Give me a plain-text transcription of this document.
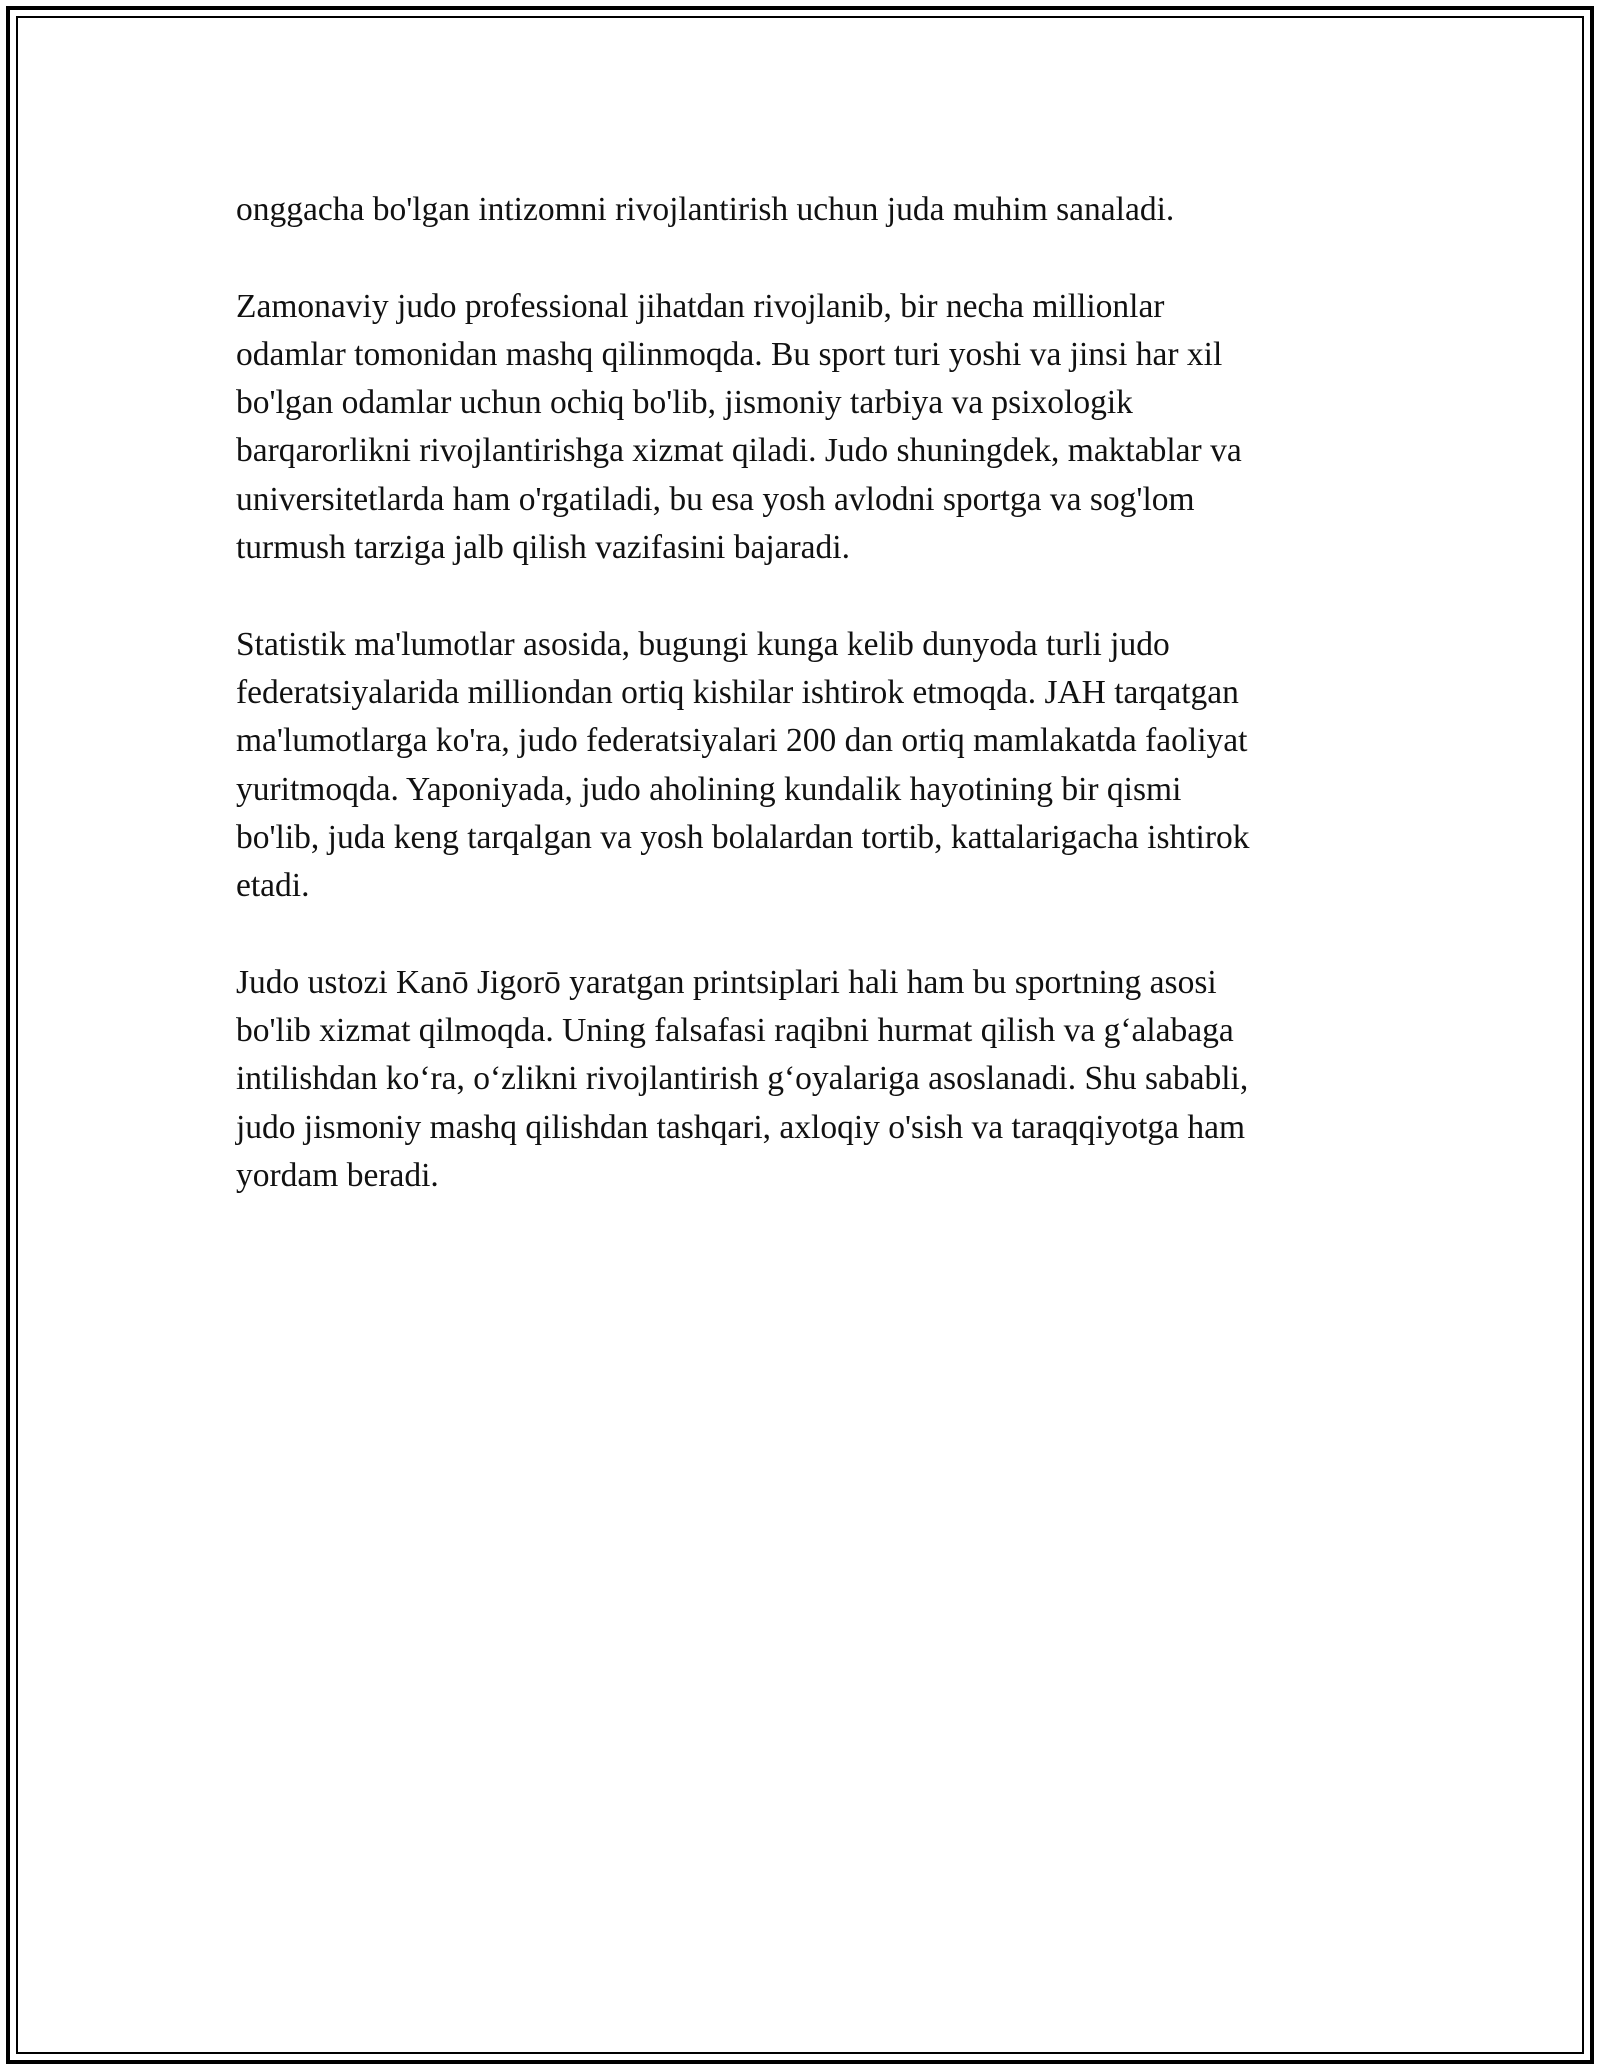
onggacha bo'lgan intizomni rivojlantirish uchun juda muhim sanaladi.

Zamonaviy judo professional jihatdan rivojlanib, bir necha millionlar
odamlar tomonidan mashq qilinmoqda. Bu sport turi yoshi va jinsi har xil
bo'lgan odamlar uchun ochiq bo'lib, jismoniy tarbiya va psixologik
barqarorlikni rivojlantirishga xizmat qiladi. Judo shuningdek, maktablar va
universitetlarda ham o'rgatiladi, bu esa yosh avlodni sportga va sog'lom
turmush tarziga jalb qilish vazifasini bajaradi.

Statistik ma'lumotlar asosida, bugungi kunga kelib dunyoda turli judo
federatsiyalarida milliondan ortiq kishilar ishtirok etmoqda. JAH tarqatgan
ma'lumotlarga ko'ra, judo federatsiyalari 200 dan ortiq mamlakatda faoliyat
yuritmoqda. Yaponiyada, judo aholining kundalik hayotining bir qismi
bo'lib, juda keng tarqalgan va yosh bolalardan tortib, kattalarigacha ishtirok
etadi.

Judo ustozi Kanō Jigorō yaratgan printsiplari hali ham bu sportning asosi
bo'lib xizmat qilmoqda. Uning falsafasi raqibni hurmat qilish va gʻalabaga
intilishdan koʻra, oʻzlikni rivojlantirish gʻoyalariga asoslanadi. Shu sababli,
judo jismoniy mashq qilishdan tashqari, axloqiy o'sish va taraqqiyotga ham
yordam beradi.
